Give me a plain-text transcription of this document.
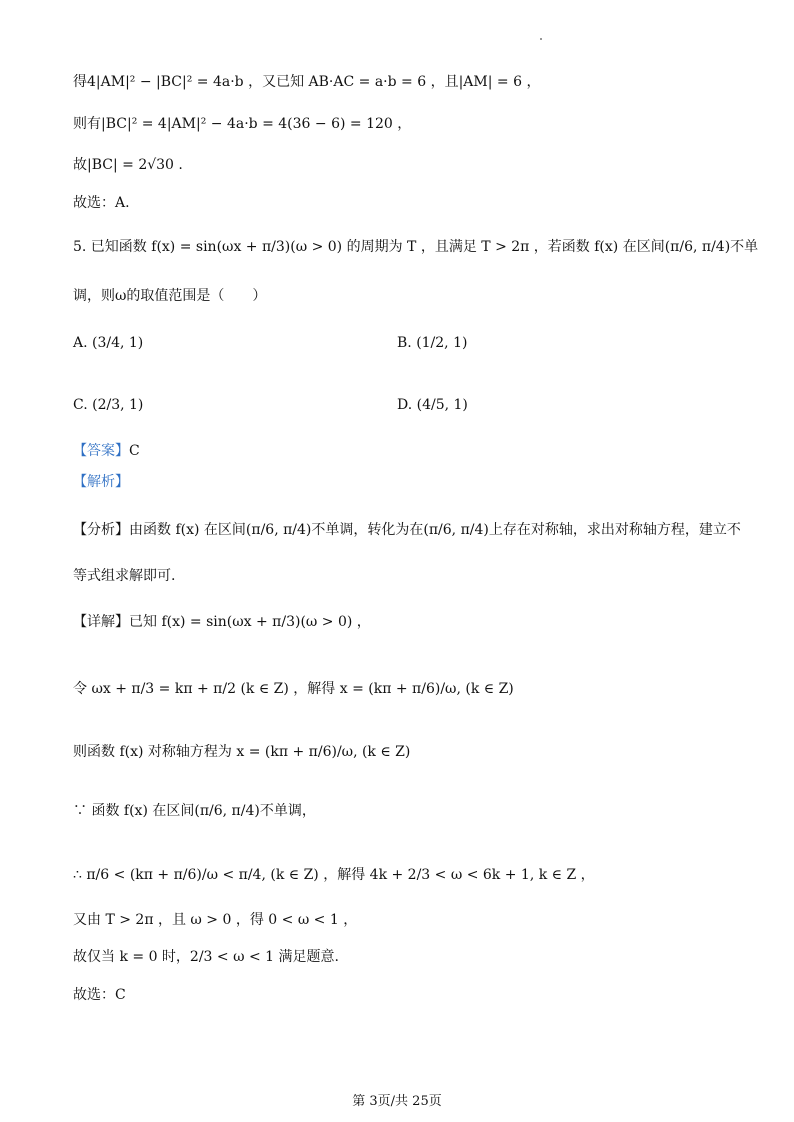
得4|AM|² − |BC|² = 4a·b ，又已知 AB·AC = a·b = 6 ，且|AM| = 6 ，
则有|BC|² = 4|AM|² − 4a·b = 4(36 − 6) = 120 ，
故|BC| = 2√30 .
故选：A.
5. 已知函数 f(x) = sin(ωx + π/3)(ω > 0) 的周期为 T ，且满足 T > 2π ，若函数 f(x) 在区间(π/6, π/4)不单
调，则ω的取值范围是（　　）
A. (3/4, 1)	B. (1/2, 1)
C. (2/3, 1)	D. (4/5, 1)
【答案】C
【解析】
【分析】由函数 f(x) 在区间(π/6, π/4)不单调，转化为在(π/6, π/4)上存在对称轴，求出对称轴方程，建立不
等式组求解即可.
【详解】已知 f(x) = sin(ωx + π/3)(ω > 0) ，
令 ωx + π/3 = kπ + π/2 (k ∈ Z) ，解得 x = (kπ + π/6)/ω, (k ∈ Z)
则函数 f(x) 对称轴方程为 x = (kπ + π/6)/ω, (k ∈ Z)
∵ 函数 f(x) 在区间(π/6, π/4)不单调，
∴ π/6 < (kπ + π/6)/ω < π/4, (k ∈ Z) ，解得 4k + 2/3 < ω < 6k + 1, k ∈ Z ，
又由 T > 2π ，且 ω > 0 ，得 0 < ω < 1 ，
故仅当 k = 0 时，2/3 < ω < 1 满足题意.
故选：C
第 3页/共 25页
